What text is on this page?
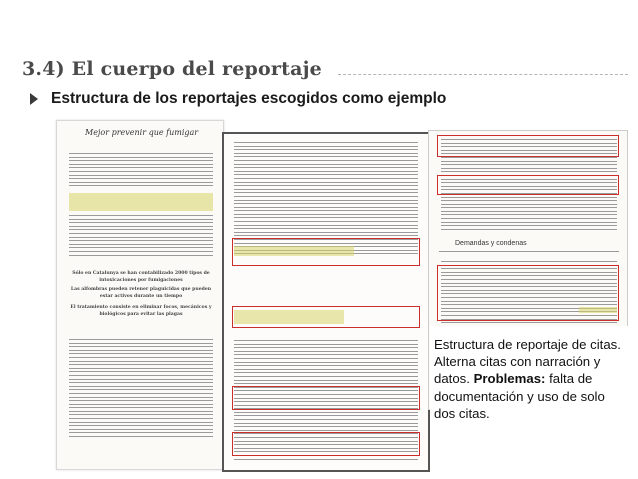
3.4) El cuerpo del reportaje
Estructura de los reportajes escogidos como ejemplo
Mejor prevenir que fumigar
Sólo en Catalunya se han contabilizado 2000 tipos de intoxicaciones por fumigaciones
Las alfombras pueden retener plaguicidas que pueden estar activos durante un tiempo
El tratamiento consiste en eliminar focos, mecánicos y biológicos para evitar las plagas
Demandas y condenas
Estructura de reportaje de citas. Alterna citas con narración y datos. Problemas: falta de documentación y uso de solo dos citas.
